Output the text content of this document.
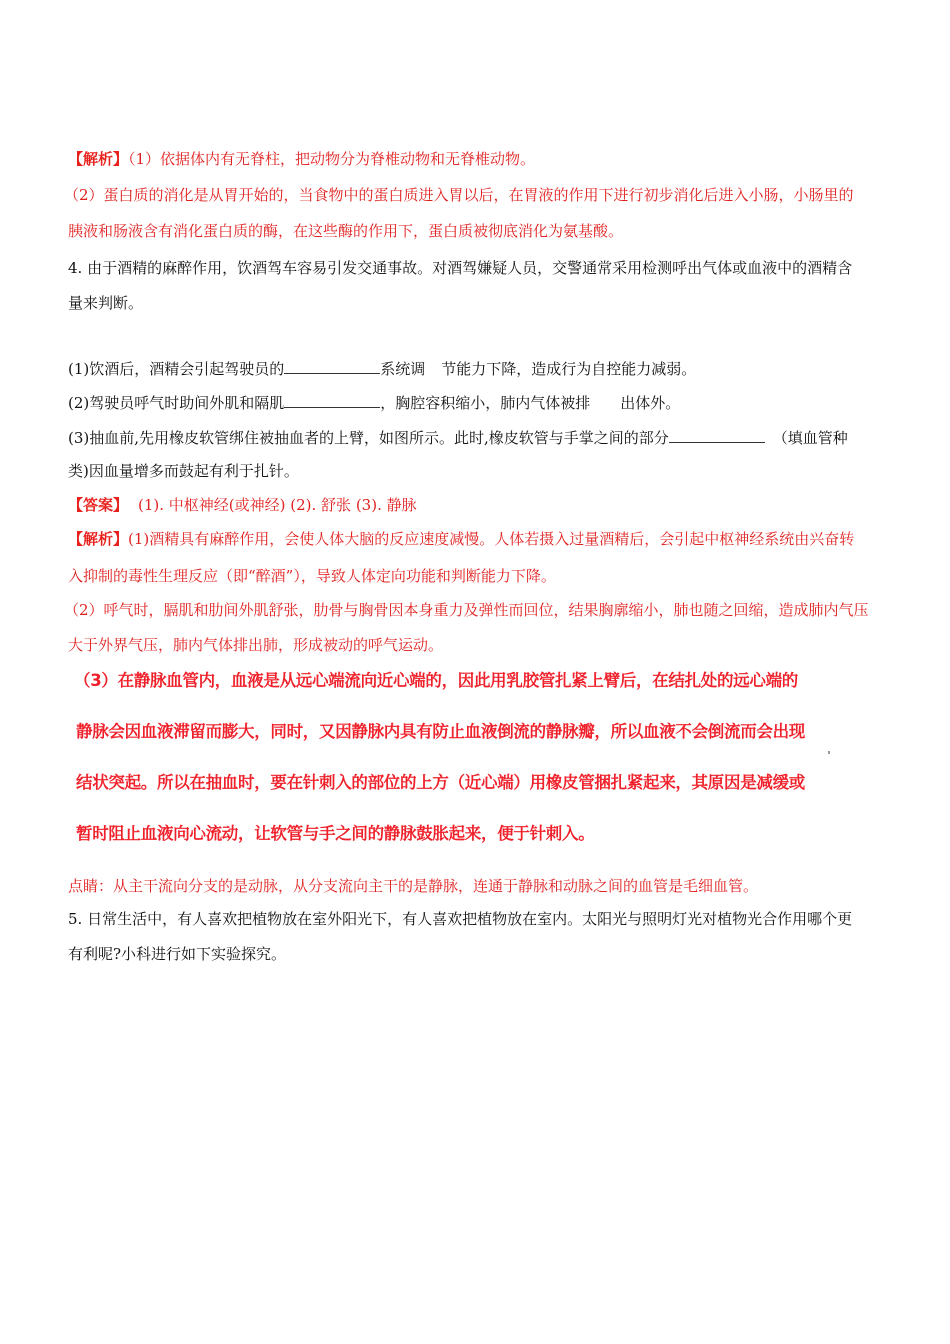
【解析】（1）依据体内有无脊柱，把动物分为脊椎动物和无脊椎动物。
（2）蛋白质的消化是从胃开始的，当食物中的蛋白质进入胃以后，在胃液的作用下进行初步消化后进入小肠，小肠里的
胰液和肠液含有消化蛋白质的酶，在这些酶的作用下，蛋白质被彻底消化为氨基酸。
4. 由于酒精的麻醉作用，饮酒驾车容易引发交通事故。对酒驾嫌疑人员，交警通常采用检测呼出气体或血液中的酒精含
量来判断。
(1)饮酒后，酒精会引起驾驶员的	系统调 节能力下降，造成行为自控能力减弱。
(2)驾驶员呼气时助间外肌和隔肌	，胸腔容积缩小，肺内气体被排 出体外。
(3)抽血前,先用橡皮软管绑住被抽血者的上臂，如图所示。此时,橡皮软管与手掌之间的部分	（填血管种
类)因血量增多而鼓起有利于扎针。
【答案】 (1). 中枢神经(或神经) (2). 舒张 (3). 静脉
【解析】(1)酒精具有麻醉作用，会使人体大脑的反应速度减慢。人体若摄入过量酒精后，会引起中枢神经系统由兴奋转
入抑制的毒性生理反应（即“醉酒”），导致人体定向功能和判断能力下降。
（2）呼气时，膈肌和肋间外肌舒张，肋骨与胸骨因本身重力及弹性而回位，结果胸廓缩小，肺也随之回缩，造成肺内气压
大于外界气压，肺内气体排出肺，形成被动的呼气运动。
（3）在静脉血管内，血液是从远心端流向近心端的，因此用乳胶管扎紧上臂后，在结扎处的远心端的
静脉会因血液滞留而膨大，同时，又因静脉内具有防止血液倒流的静脉瓣，所以血液不会倒流而会出现
结状突起。所以在抽血时，要在针刺入的部位的上方（近心端）用橡皮管捆扎紧起来，其原因是减缓或
暂时阻止血液向心流动，让软管与手之间的静脉鼓胀起来，便于针刺入。
点睛：从主干流向分支的是动脉，从分支流向主干的是静脉，连通于静脉和动脉之间的血管是毛细血管。
5. 日常生活中，有人喜欢把植物放在室外阳光下，有人喜欢把植物放在室内。太阳光与照明灯光对植物光合作用哪个更
有利呢?小科进行如下实验探究。
